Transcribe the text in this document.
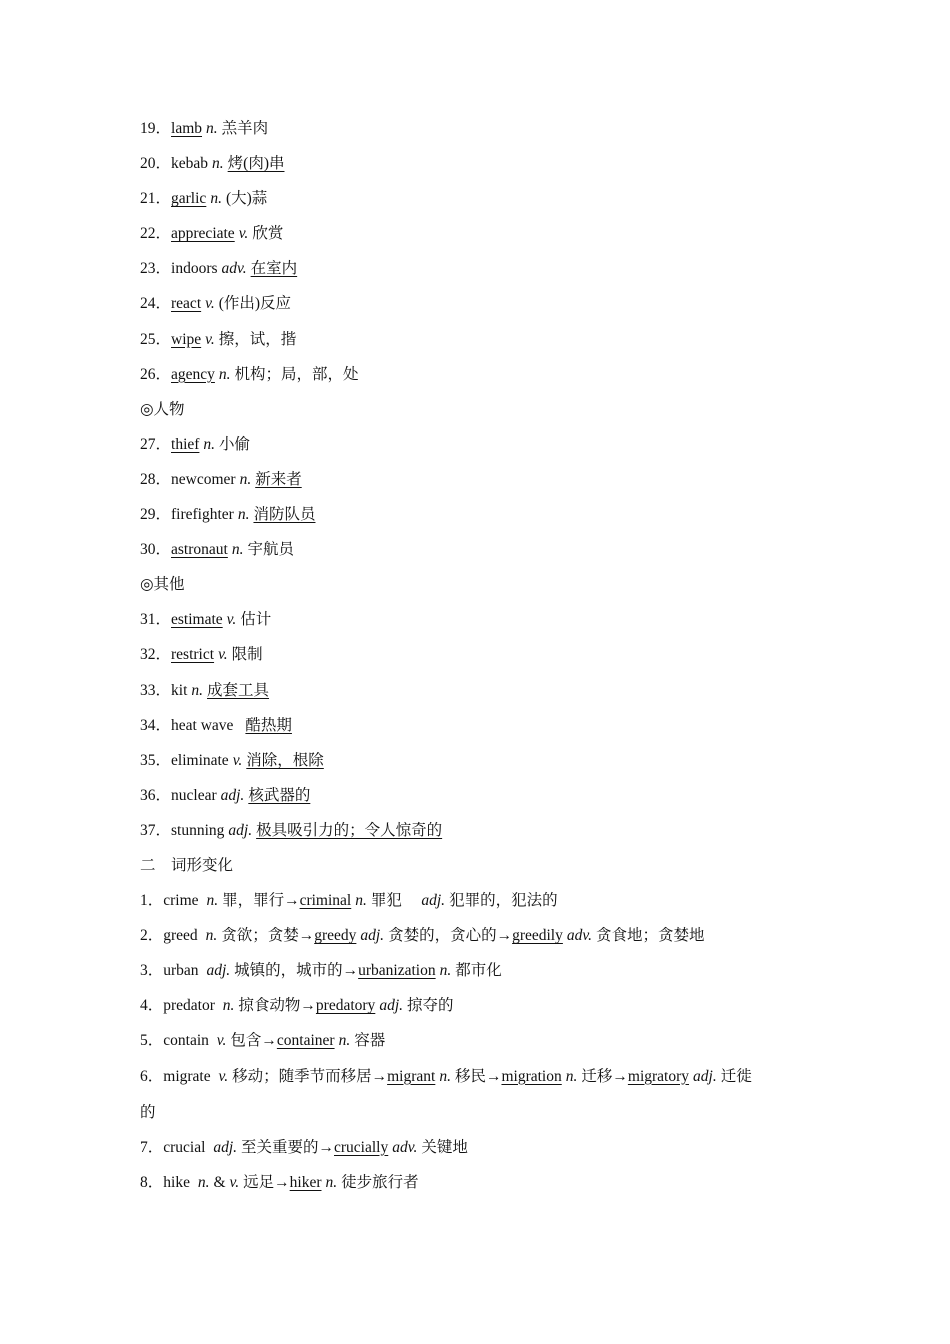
19．lamb n. 羔羊肉
20．kebab n. 烤(肉)串
21．garlic n. (大)蒜
22．appreciate v. 欣赏
23．indoors adv. 在室内
24．react v. (作出)反应
25．wipe v. 擦，试，揩
26．agency n. 机构；局，部，处
◎人物
27．thief n. 小偷
28．newcomer n. 新来者
29．firefighter n. 消防队员
30．astronaut n. 宇航员
◎其他
31．estimate v. 估计
32．restrict v. 限制
33．kit n. 成套工具
34．heat wave 酷热期
35．eliminate v. 消除，根除
36．nuclear adj. 核武器的
37．stunning adj. 极具吸引力的；令人惊奇的
二　词形变化
1．crime n. 罪，罪行→criminal n. 罪犯 adj. 犯罪的，犯法的
2．greed n. 贪欲；贪婪→greedy adj. 贪婪的，贪心的→greedily adv. 贪食地；贪婪地
3．urban adj. 城镇的，城市的→urbanization n. 都市化
4．predator n. 掠食动物→predatory adj. 掠夺的
5．contain v. 包含→container n. 容器
6．migrate v. 移动；随季节而移居→migrant n. 移民→migration n. 迁移→migratory adj. 迁徙
的
7．crucial adj. 至关重要的→crucially adv. 关键地
8．hike n. & v. 远足→hiker n. 徒步旅行者
